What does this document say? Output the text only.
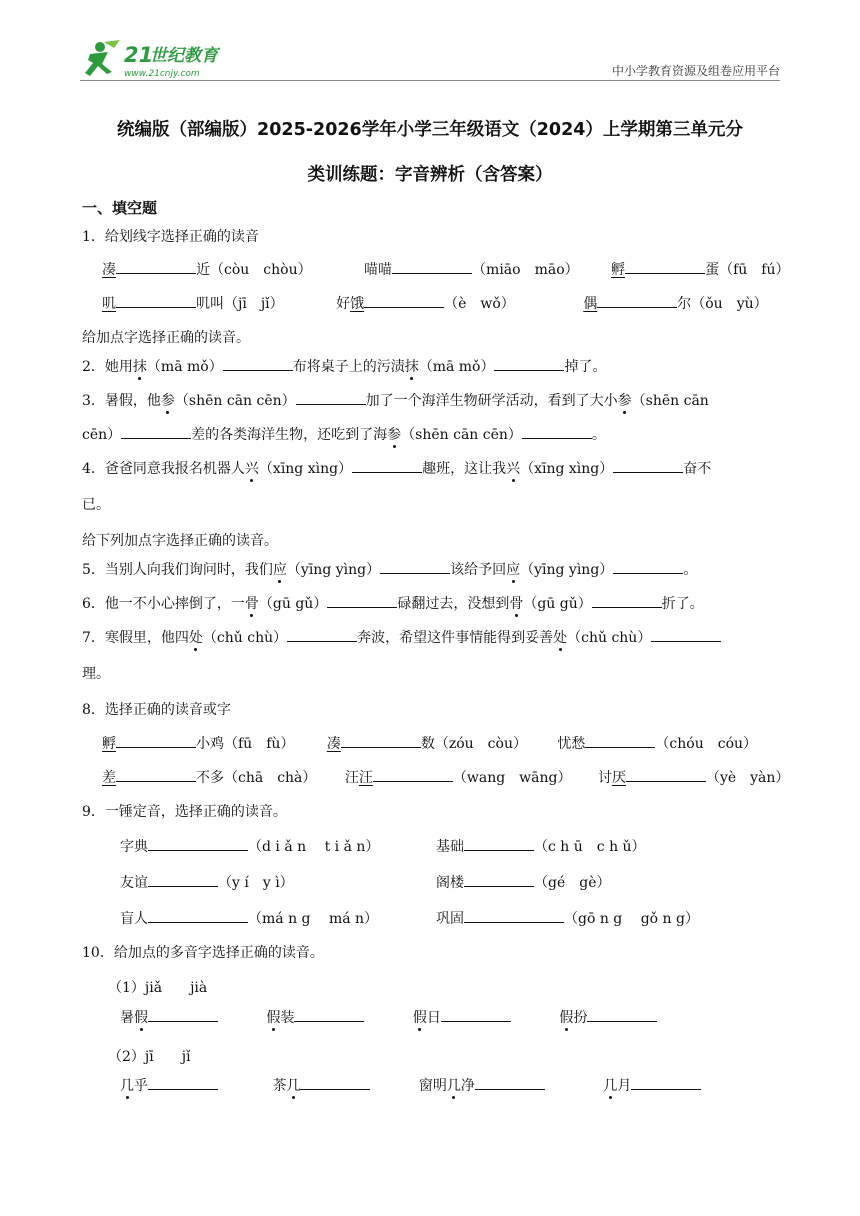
21
世纪教育
www.21cnjy.com	中小学教育资源及组卷应用平台
统编版（部编版）2025-2026学年小学三年级语文（2024）上学期第三单元分
类训练题：字音辨析（含答案）
一、填空题
1．给划线字选择正确的读音
凑	近（còu　chòu）	喵喵	（miāo　māo） 孵	蛋（fū　fú）
叽	叽叫（jī　jǐ）	好饿	（è　wǒ）	偶	尔（ǒu　yù）
给加点字选择正确的读音。
2．她用抹（mā mǒ）	布将桌子上的污渍抹（mā mǒ）	掉了。
3．暑假，他参（shēn cān cēn）	加了一个海洋生物研学活动，看到了大小参（shēn cān
cēn）	差的各类海洋生物，还吃到了海参（shēn cān cēn）	。
4．爸爸同意我报名机器人兴（xīng xìng）	趣班，这让我兴（xīng xìng）	奋不
已。
给下列加点字选择正确的读音。
5．当别人向我们询问时，我们应（yīng yìng）	该给予回应（yīng yìng）	。
6．他一不小心摔倒了，一骨（gū gǔ）	碌翻过去，没想到骨（gū gǔ）	折了。
7．寒假里，他四处（chǔ chù）	奔波，希望这件事情能得到妥善处（chǔ chù）
理。
8．选择正确的读音或字
孵	小鸡（fū　fù） 凑	数（zóu　còu） 忧愁	（chóu　cóu）
差	不多（chā　chà） 汪汪	（wang　wāng） 讨厌	（yè　yàn）
9．一锤定音，选择正确的读音。
字典	（d i ǎ n　 t i ǎ n）	基础	（c h ū　c h ǔ）
友谊	（y í　y ì）	阁楼	（gé　gè）
盲人	（má n g　 má n）	巩固	（gō n g　 gǒ n g）
10．给加点的多音字选择正确的读音。
（1）jiǎ　　jià
暑假	假装	假日	假扮
（2）jī　　jǐ
几乎	茶几	窗明几净	几月
